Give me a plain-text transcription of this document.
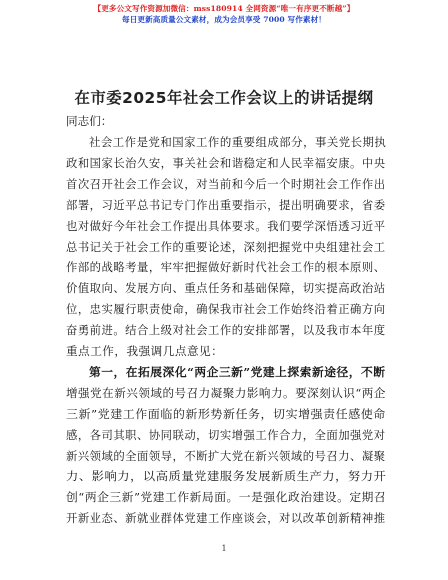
【更多公文写作资源加微信：mss180914 全网资源“唯一有序更不断越”】
每日更新高质量公文素材，成为会员享受 7000 写作素材！
在市委2025年社会工作会议上的讲话提纲
同志们：
社会工作是党和国家工作的重要组成部分，事关党长期执
政和国家长治久安，事关社会和谐稳定和人民幸福安康。中央
首次召开社会工作会议，对当前和今后一个时期社会工作作出
部署，习近平总书记专门作出重要指示，提出明确要求，省委
也对做好今年社会工作提出具体要求。我们要学深悟透习近平
总书记关于社会工作的重要论述，深刻把握党中央组建社会工
作部的战略考量，牢牢把握做好新时代社会工作的根本原则、
价值取向、发展方向、重点任务和基础保障，切实提高政治站
位，忠实履行职责使命，确保我市社会工作始终沿着正确方向
奋勇前进。结合上级对社会工作的安排部署，以及我市本年度
重点工作，我强调几点意见：
第一，在拓展深化“两企三新”党建上探索新途径，不断
增强党在新兴领域的号召力凝聚力影响力。要深刻认识“两企
三新”党建工作面临的新形势新任务，切实增强责任感使命
感，各司其职、协同联动，切实增强工作合力，全面加强党对
新兴领域的全面领导，不断扩大党在新兴领域的号召力、凝聚
力、影响力，以高质量党建服务发展新质生产力，努力开
创“两企三新”党建工作新局面。一是强化政治建设。定期召
开新业态、新就业群体党建工作座谈会，对以改革创新精神推
1
